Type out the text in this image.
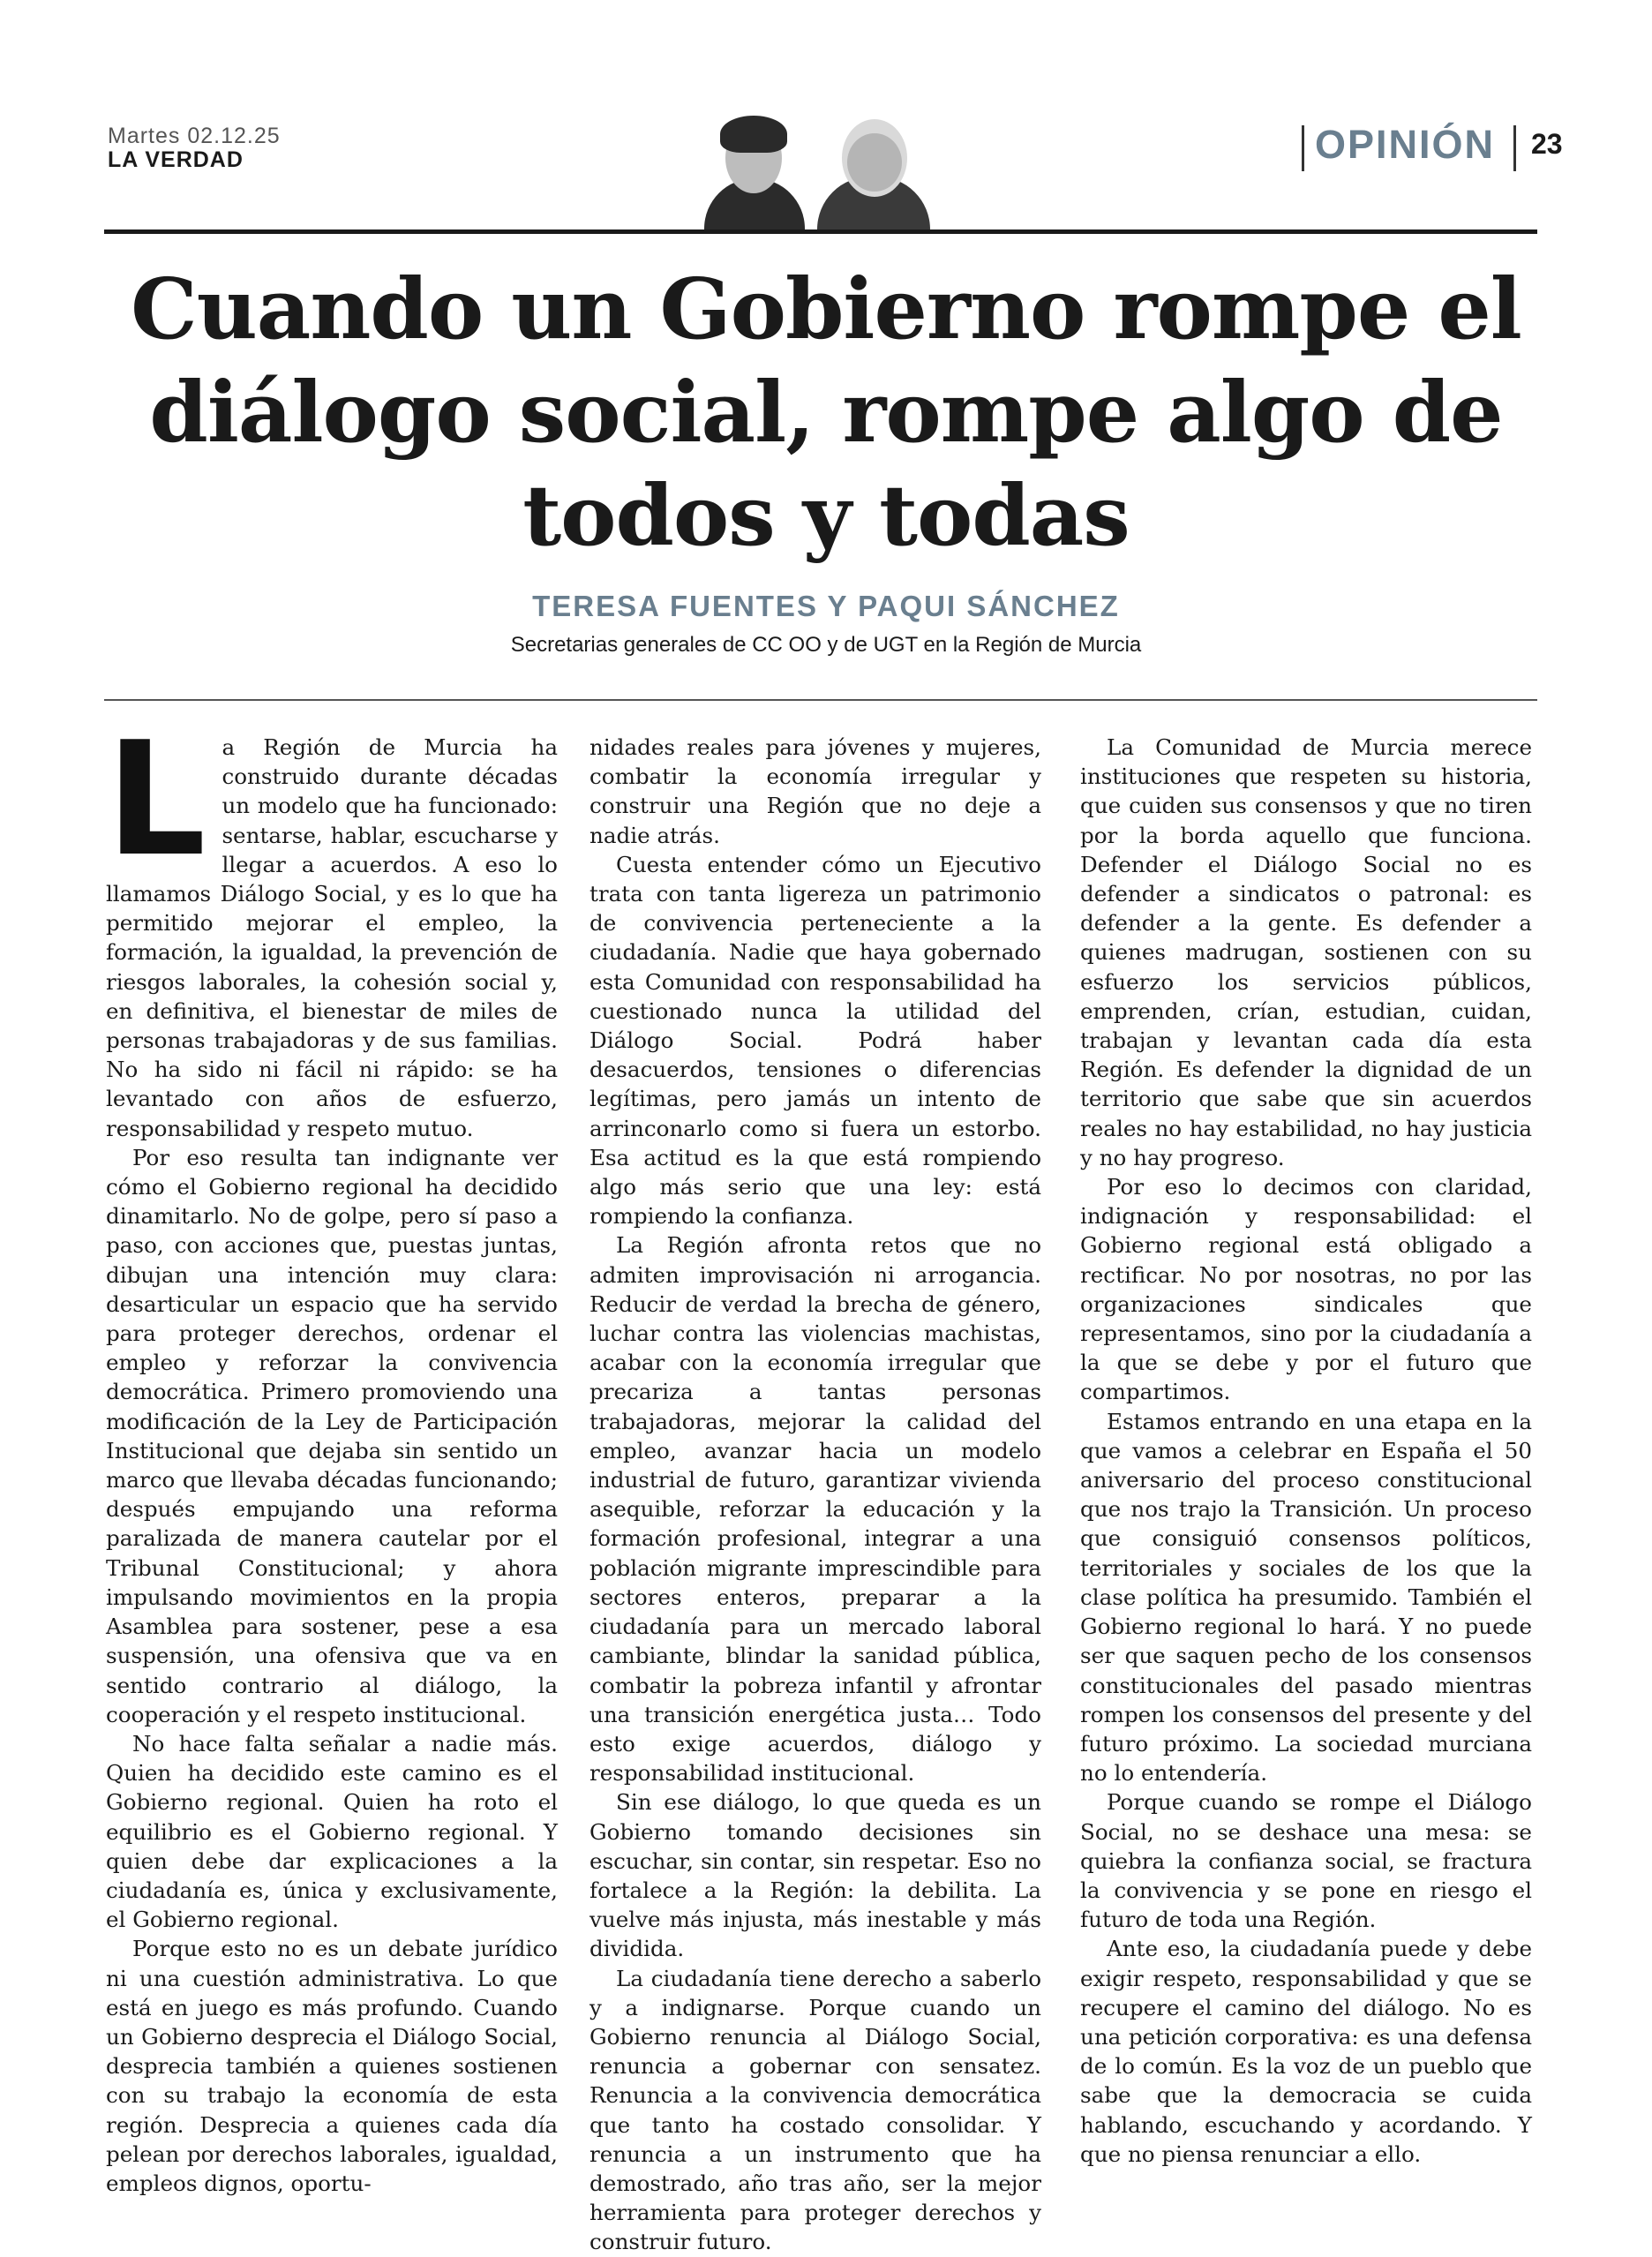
Martes 02.12.25
LA VERDAD	OPINIÓN 23
Cuando un Gobierno rompe el diálogo social, rompe algo de todos y todas
TERESA FUENTES Y PAQUI SÁNCHEZ
Secretarias generales de CC OO y de UGT en la Región de Murcia

La Región de Murcia ha construido durante décadas un modelo que ha funcionado: sentarse, hablar, escucharse y llegar a acuerdos. A eso lo llamamos Diálogo Social, y es lo que ha permitido mejorar el empleo, la formación, la igualdad, la prevención de riesgos laborales, la cohesión social y, en definitiva, el bienestar de miles de personas trabajadoras y de sus familias. No ha sido ni fácil ni rápido: se ha levantado con años de esfuerzo, responsabilidad y respeto mutuo.

Por eso resulta tan indignante ver cómo el Gobierno regional ha decidido dinamitarlo. No de golpe, pero sí paso a paso, con acciones que, puestas juntas, dibujan una intención muy clara: desarticular un espacio que ha servido para proteger derechos, ordenar el empleo y reforzar la convivencia democrática. Primero promoviendo una modificación de la Ley de Participación Institucional que dejaba sin sentido un marco que llevaba décadas funcionando; después empujando una reforma paralizada de manera cautelar por el Tribunal Constitucional; y ahora impulsando movimientos en la propia Asamblea para sostener, pese a esa suspensión, una ofensiva que va en sentido contrario al diálogo, la cooperación y el respeto institucional.

No hace falta señalar a nadie más. Quien ha decidido este camino es el Gobierno regional. Quien ha roto el equilibrio es el Gobierno regional. Y quien debe dar explicaciones a la ciudadanía es, única y exclusivamente, el Gobierno regional.

Porque esto no es un debate jurídico ni una cuestión administrativa. Lo que está en juego es más profundo. Cuando un Gobierno desprecia el Diálogo Social, desprecia también a quienes sostienen con su trabajo la economía de esta región. Desprecia a quienes cada día pelean por derechos laborales, igualdad, empleos dignos, oportu-

nidades reales para jóvenes y mujeres, combatir la economía irregular y construir una Región que no deje a nadie atrás.

Cuesta entender cómo un Ejecutivo trata con tanta ligereza un patrimonio de convivencia perteneciente a la ciudadanía. Nadie que haya gobernado esta Comunidad con responsabilidad ha cuestionado nunca la utilidad del Diálogo Social. Podrá haber desacuerdos, tensiones o diferencias legítimas, pero jamás un intento de arrinconarlo como si fuera un estorbo. Esa actitud es la que está rompiendo algo más serio que una ley: está rompiendo la confianza.

La Región afronta retos que no admiten improvisación ni arrogancia. Reducir de verdad la brecha de género, luchar contra las violencias machistas, acabar con la economía irregular que precariza a tantas personas trabajadoras, mejorar la calidad del empleo, avanzar hacia un modelo industrial de futuro, garantizar vivienda asequible, reforzar la educación y la formación profesional, integrar a una población migrante imprescindible para sectores enteros, preparar a la ciudadanía para un mercado laboral cambiante, blindar la sanidad pública, combatir la pobreza infantil y afrontar una transición energética justa… Todo esto exige acuerdos, diálogo y responsabilidad institucional.

Sin ese diálogo, lo que queda es un Gobierno tomando decisiones sin escuchar, sin contar, sin respetar. Eso no fortalece a la Región: la debilita. La vuelve más injusta, más inestable y más dividida.

La ciudadanía tiene derecho a saberlo y a indignarse. Porque cuando un Gobierno renuncia al Diálogo Social, renuncia a gobernar con sensatez. Renuncia a la convivencia democrática que tanto ha costado consolidar. Y renuncia a un instrumento que ha demostrado, año tras año, ser la mejor herramienta para proteger derechos y construir futuro.

La Comunidad de Murcia merece instituciones que respeten su historia, que cuiden sus consensos y que no tiren por la borda aquello que funciona. Defender el Diálogo Social no es defender a sindicatos o patronal: es defender a la gente. Es defender a quienes madrugan, sostienen con su esfuerzo los servicios públicos, emprenden, crían, estudian, cuidan, trabajan y levantan cada día esta Región. Es defender la dignidad de un territorio que sabe que sin acuerdos reales no hay estabilidad, no hay justicia y no hay progreso.

Por eso lo decimos con claridad, indignación y responsabilidad: el Gobierno regional está obligado a rectificar. No por nosotras, no por las organizaciones sindicales que representamos, sino por la ciudadanía a la que se debe y por el futuro que compartimos.

Estamos entrando en una etapa en la que vamos a celebrar en España el 50 aniversario del proceso constitucional que nos trajo la Transición. Un proceso que consiguió consensos políticos, territoriales y sociales de los que la clase política ha presumido. También el Gobierno regional lo hará. Y no puede ser que saquen pecho de los consensos constitucionales del pasado mientras rompen los consensos del presente y del futuro próximo. La sociedad murciana no lo entendería.

Porque cuando se rompe el Diálogo Social, no se deshace una mesa: se quiebra la confianza social, se fractura la convivencia y se pone en riesgo el futuro de toda una Región.

Ante eso, la ciudadanía puede y debe exigir respeto, responsabilidad y que se recupere el camino del diálogo. No es una petición corporativa: es una defensa de lo común. Es la voz de un pueblo que sabe que la democracia se cuida hablando, escuchando y acordando. Y que no piensa renunciar a ello.
